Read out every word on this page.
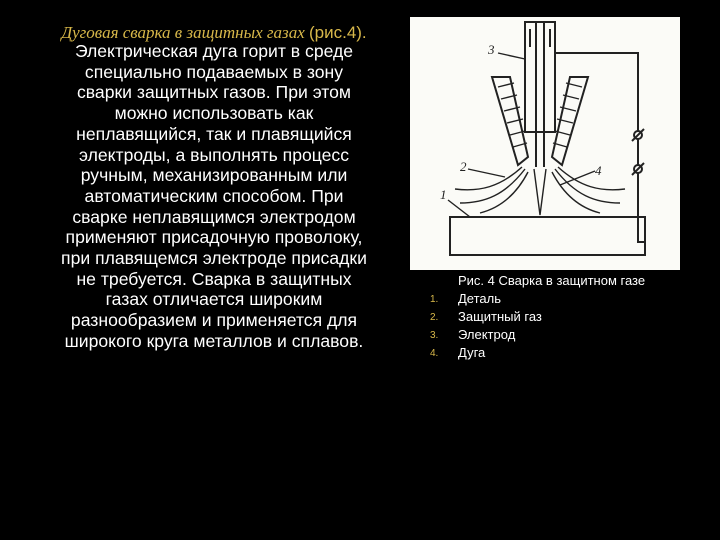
Дуговая сварка в защитных газах (рис.4).

Электрическая дуга горит в среде специально подаваемых в зону сварки защитных газов. При этом можно использовать как неплавящийся, так и плавящийся электроды, а выполнять процесс ручным, механизированным или автоматическим способом. При сварке неплавящимся электродом применяют присадочную проволоку, при плавящемся электроде присадки не требуется. Сварка в защитных газах отличается широким разнообразием и применяется для широкого круга металлов и сплавов.

1
2
3
4

Рис. 4 Сварка в защитном газе

1. Деталь
2. Защитный газ
3. Электрод
4. Дуга
